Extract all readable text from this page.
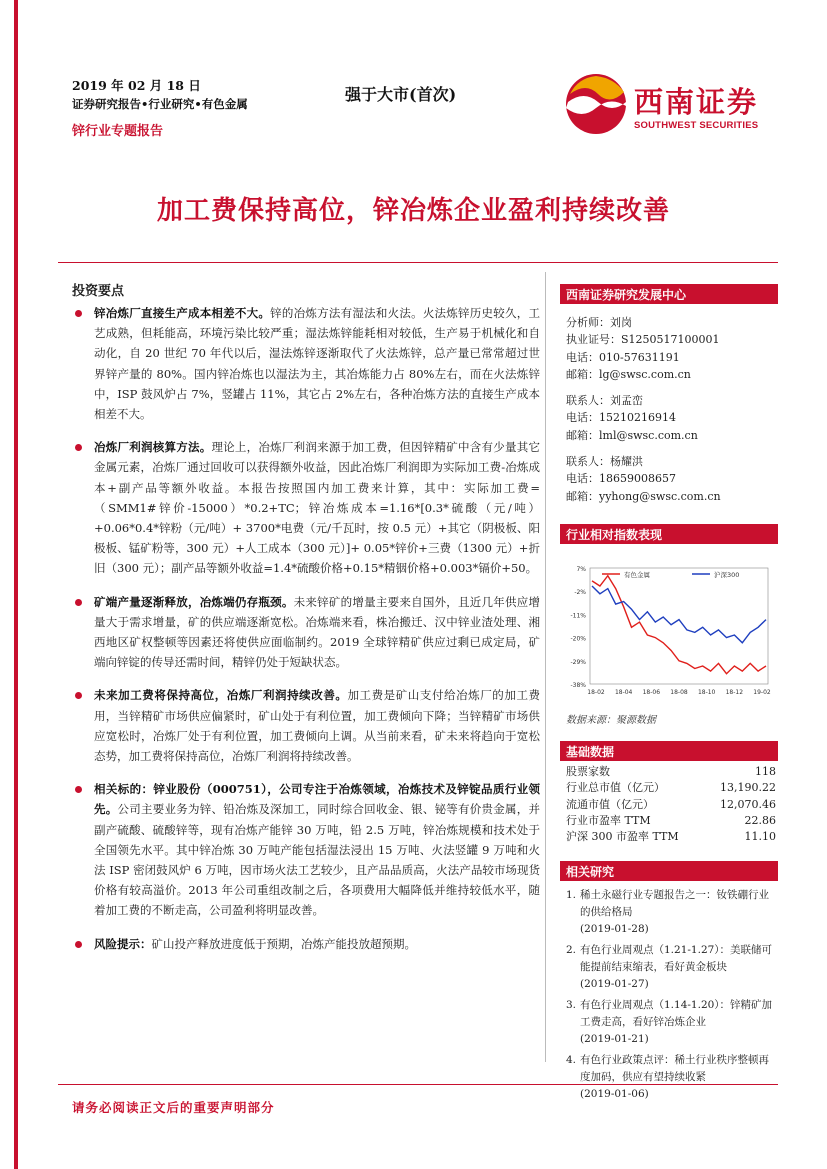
2019 年 02 月 18 日
证券研究报告•行业研究•有色金属
锌行业专题报告
强于大市(首次)	西南证券
SOUTHWEST SECURITIES
加工费保持高位，锌冶炼企业盈利持续改善
投资要点
锌冶炼厂直接生产成本相差不大。锌的冶炼方法有湿法和火法。火法炼锌历史较久，工艺成熟，但耗能高，环境污染比较严重；湿法炼锌能耗相对较低，生产易于机械化和自动化，自 20 世纪 70 年代以后，湿法炼锌逐渐取代了火法炼锌，总产量已常常超过世界锌产量的 80%。国内锌冶炼也以湿法为主，其冶炼能力占 80%左右，而在火法炼锌中，ISP 鼓风炉占 7%，竖罐占 11%，其它占 2%左右，各种冶炼方法的直接生产成本相差不大。
冶炼厂利润核算方法。理论上，冶炼厂利润来源于加工费，但因锌精矿中含有少量其它金属元素，冶炼厂通过回收可以获得额外收益，因此冶炼厂利润即为实际加工费-冶炼成本+副产品等额外收益。本报告按照国内加工费来计算，其中：实际加工费=（SMM1#锌价-15000）*0.2+TC；锌冶炼成本=1.16*[0.3*硫酸（元/吨）+0.06*0.4*锌粉（元/吨）+ 3700*电费（元/千瓦时，按 0.5 元）+其它（阴极板、阳极板、锰矿粉等，300 元）+人工成本（300 元）]+ 0.05*锌价+三费（1300 元）+折旧（300 元）；副产品等额外收益=1.4*硫酸价格+0.15*精铟价格+0.003*镉价+50。
矿端产量逐渐释放，冶炼端仍存瓶颈。未来锌矿的增量主要来自国外，且近几年供应增量大于需求增量，矿的供应端逐渐宽松。冶炼端来看，株冶搬迁、汉中锌业渣处理、湘西地区矿权整顿等因素还将使供应面临制约。2019 全球锌精矿供应过剩已成定局，矿端向锌锭的传导还需时间，精锌仍处于短缺状态。
未来加工费将保持高位，冶炼厂利润持续改善。加工费是矿山支付给冶炼厂的加工费用，当锌精矿市场供应偏紧时，矿山处于有利位置，加工费倾向下降；当锌精矿市场供应宽松时，冶炼厂处于有利位置，加工费倾向上调。从当前来看，矿未来将趋向于宽松态势，加工费将保持高位，冶炼厂利润将持续改善。
相关标的：锌业股份（000751），公司专注于冶炼领域，冶炼技术及锌锭品质行业领先。公司主要业务为锌、铅冶炼及深加工，同时综合回收金、银、铋等有价贵金属，并副产硫酸、硫酸锌等，现有冶炼产能锌 30 万吨，铅 2.5 万吨，锌冶炼规模和技术处于全国领先水平。其中锌冶炼 30 万吨产能包括湿法浸出 15 万吨、火法竖罐 9 万吨和火法 ISP 密闭鼓风炉 6 万吨，因市场火法工艺较少，且产品品质高，火法产品较市场现货价格有较高溢价。2013 年公司重组改制之后，各项费用大幅降低并维持较低水平，随着加工费的不断走高，公司盈利将明显改善。
风险提示：矿山投产释放进度低于预期，冶炼产能投放超预期。
西南证券研究发展中心
分析师：刘岗
执业证号：S1250517100001
电话：010-57631191
邮箱：lg@swsc.com.cn
联系人：刘孟峦
电话：15210216914
邮箱：lml@swsc.com.cn
联系人：杨耀洪
电话：18659008657
邮箱：yyhong@swsc.com.cn
行业相对指数表现
7%
-2%
-11%
-20%
-29%
-38%
18-02 18-04 18-06 18-08 18-10 18-12 19-02
有色金属	沪深300
数据来源：聚源数据
基础数据
股票家数	118
行业总市值（亿元）	13,190.22
流通市值（亿元）	12,070.46
行业市盈率 TTM	22.86
沪深 300 市盈率 TTM	11.10
相关研究
1. 稀土永磁行业专题报告之一：钕铁硼行业的供给格局
(2019-01-28)
2. 有色行业周观点（1.21-1.27）：美联储可能提前结束缩表，看好黄金板块
(2019-01-27)
3. 有色行业周观点（1.14-1.20）：锌精矿加工费走高，看好锌冶炼企业
(2019-01-21)
4. 有色行业政策点评：稀土行业秩序整顿再度加码，供应有望持续收紧
(2019-01-06)
请务必阅读正文后的重要声明部分
